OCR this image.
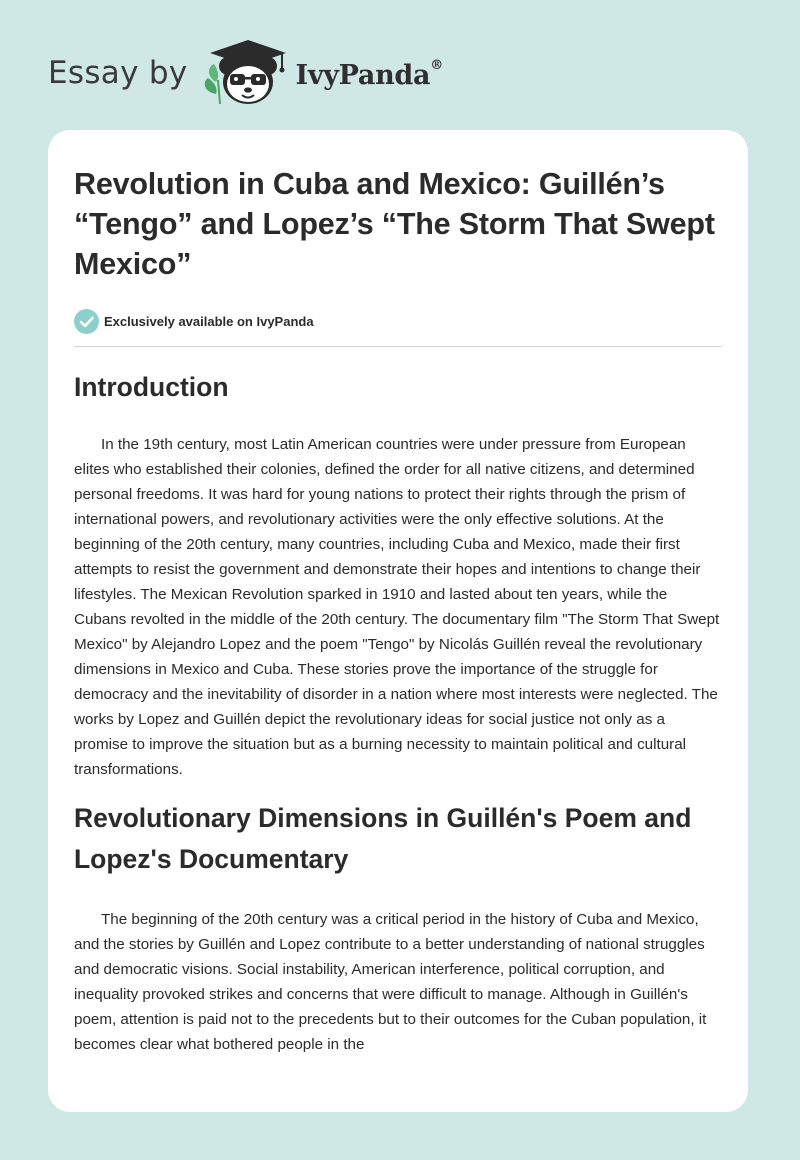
Essay by	IvyPanda®
Revolution in Cuba and Mexico: Guillén’s “Tengo” and Lopez’s “The Storm That Swept Mexico”
Exclusively available on IvyPanda
Introduction

In the 19th century, most Latin American countries were under pressure from European elites who established their colonies, defined the order for all native citizens, and determined personal freedoms. It was hard for young nations to protect their rights through the prism of international powers, and revolutionary activities were the only effective solutions. At the beginning of the 20th century, many countries, including Cuba and Mexico, made their first attempts to resist the government and demonstrate their hopes and intentions to change their lifestyles. The Mexican Revolution sparked in 1910 and lasted about ten years, while the Cubans revolted in the middle of the 20th century. The documentary film "The Storm That Swept Mexico" by Alejandro Lopez and the poem "Tengo" by Nicolás Guillén reveal the revolutionary dimensions in Mexico and Cuba. These stories prove the importance of the struggle for democracy and the inevitability of disorder in a nation where most interests were neglected. The works by Lopez and Guillén depict the revolutionary ideas for social justice not only as a promise to improve the situation but as a burning necessity to maintain political and cultural transformations.

Revolutionary Dimensions in Guillén's Poem and Lopez's Documentary

The beginning of the 20th century was a critical period in the history of Cuba and Mexico, and the stories by Guillén and Lopez contribute to a better understanding of national struggles and democratic visions. Social instability, American interference, political corruption, and inequality provoked strikes and concerns that were difficult to manage. Although in Guillén's poem, attention is paid not to the precedents but to their outcomes for the Cuban population, it becomes clear what bothered people in the
